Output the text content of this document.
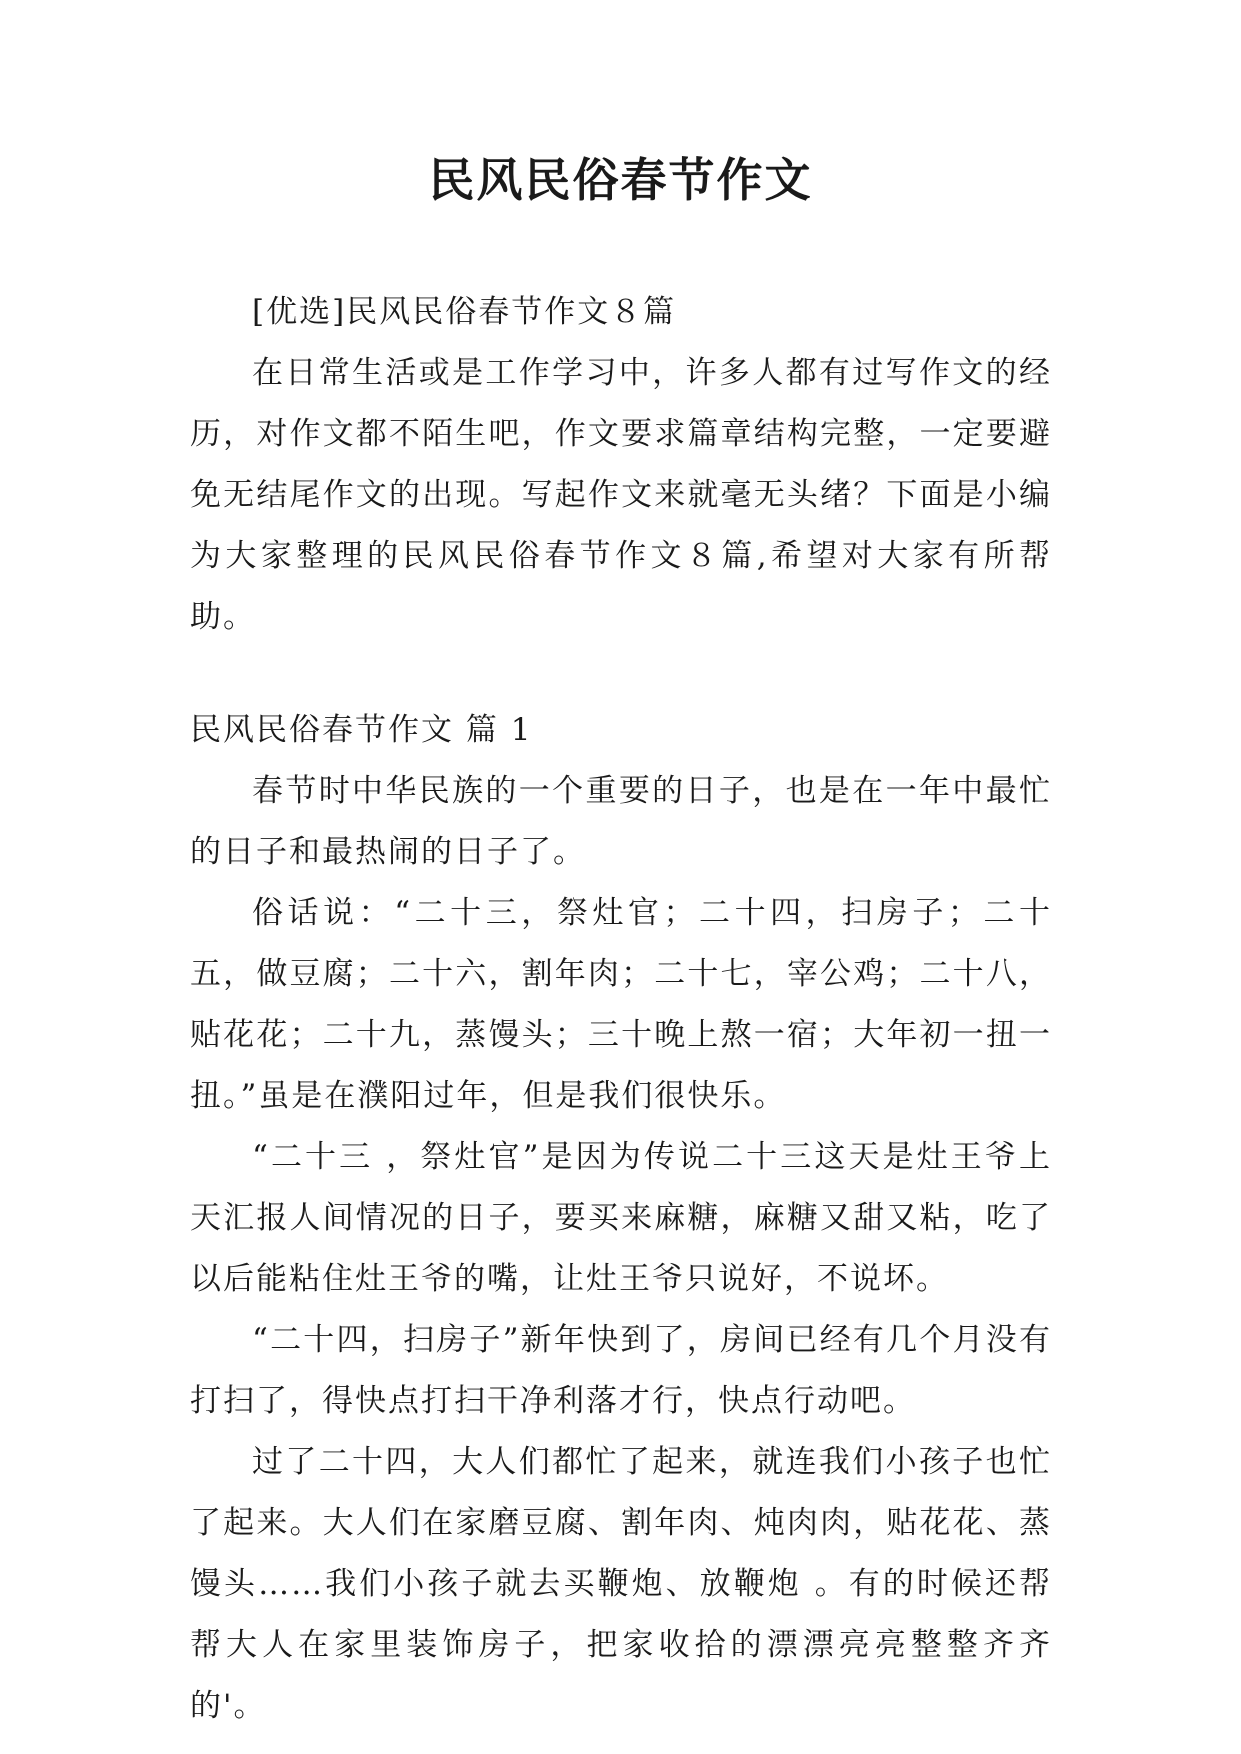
民风民俗春节作文

[优选]民风民俗春节作文８篇

在日常生活或是工作学习中，许多人都有过写作文的经历，对作文都不陌生吧，作文要求篇章结构完整，一定要避免无结尾作文的出现。写起作文来就毫无头绪？下面是小编为大家整理的民风民俗春节作文８篇,希望对大家有所帮助。

民风民俗春节作文 篇 1

春节时中华民族的一个重要的日子，也是在一年中最忙的日子和最热闹的日子了。

俗话说：“二十三，祭灶官；二十四，扫房子；二十五，做豆腐；二十六，割年肉；二十七，宰公鸡；二十八，贴花花；二十九，蒸馒头；三十晚上熬一宿；大年初一扭一扭。”虽是在濮阳过年，但是我们很快乐。

“二十三 ，祭灶官”是因为传说二十三这天是灶王爷上天汇报人间情况的日子，要买来麻糖，麻糖又甜又粘，吃了以后能粘住灶王爷的嘴，让灶王爷只说好，不说坏。

“二十四，扫房子”新年快到了，房间已经有几个月没有打扫了，得快点打扫干净利落才行，快点行动吧。

过了二十四，大人们都忙了起来，就连我们小孩子也忙了起来。大人们在家磨豆腐、割年肉、炖肉肉，贴花花、蒸馒头……我们小孩子就去买鞭炮、放鞭炮 。有的时候还帮帮大人在家里装饰房子，把家收拾的漂漂亮亮整整齐齐的'。
